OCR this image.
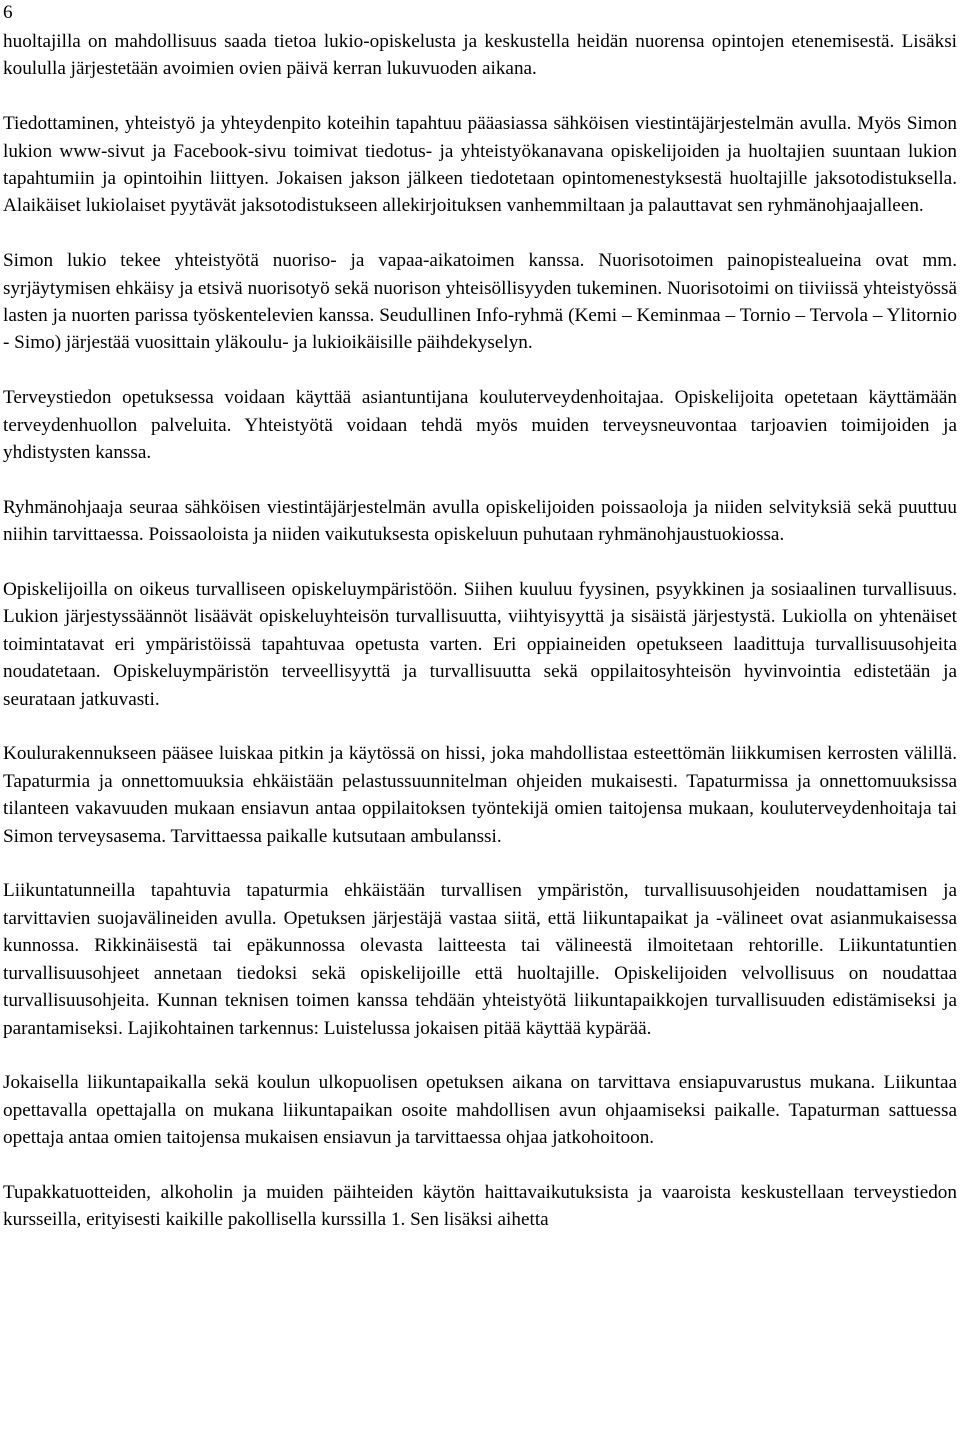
6

huoltajilla on mahdollisuus saada tietoa lukio-opiskelusta ja keskustella heidän nuorensa opintojen etenemisestä. Lisäksi koululla järjestetään avoimien ovien päivä kerran lukuvuoden aikana.

Tiedottaminen, yhteistyö ja yhteydenpito koteihin tapahtuu pääasiassa sähköisen viestintäjärjestelmän avulla. Myös Simon lukion www-sivut ja Facebook-sivu toimivat tiedotus- ja yhteistyökanavana opiskelijoiden ja huoltajien suuntaan lukion tapahtumiin ja opintoihin liittyen. Jokaisen jakson jälkeen tiedotetaan opintomenestyksestä huoltajille jaksotodistuksella. Alaikäiset lukiolaiset pyytävät jaksotodistukseen allekirjoituksen vanhemmiltaan ja palauttavat sen ryhmänohjaajalleen.

Simon lukio tekee yhteistyötä nuoriso- ja vapaa-aikatoimen kanssa. Nuorisotoimen painopistealueina ovat mm. syrjäytymisen ehkäisy ja etsivä nuorisotyö sekä nuorison yhteisöllisyyden tukeminen. Nuorisotoimi on tiiviissä yhteistyössä lasten ja nuorten parissa työskentelevien kanssa. Seudullinen Info-ryhmä (Kemi – Keminmaa – Tornio – Tervola – Ylitornio - Simo) järjestää vuosittain yläkoulu- ja lukioikäisille päihdekyselyn.

Terveystiedon opetuksessa voidaan käyttää asiantuntijana kouluterveydenhoitajaa. Opiskelijoita opetetaan käyttämään terveydenhuollon palveluita. Yhteistyötä voidaan tehdä myös muiden terveysneuvontaa tarjoavien toimijoiden ja yhdistysten kanssa.

Ryhmänohjaaja seuraa sähköisen viestintäjärjestelmän avulla opiskelijoiden poissaoloja ja niiden selvityksiä sekä puuttuu niihin tarvittaessa. Poissaoloista ja niiden vaikutuksesta opiskeluun puhutaan ryhmänohjaustuokiossa.

Opiskelijoilla on oikeus turvalliseen opiskeluympäristöön. Siihen kuuluu fyysinen, psyykkinen ja sosiaalinen turvallisuus. Lukion järjestyssäännöt lisäävät opiskeluyhteisön turvallisuutta, viihtyisyyttä ja sisäistä järjestystä. Lukiolla on yhtenäiset toimintatavat eri ympäristöissä tapahtuvaa opetusta varten. Eri oppiaineiden opetukseen laadittuja turvallisuusohjeita noudatetaan. Opiskeluympäristön terveellisyyttä ja turvallisuutta sekä oppilaitosyhteisön hyvinvointia edistetään ja seurataan jatkuvasti.

Koulurakennukseen pääsee luiskaa pitkin ja käytössä on hissi, joka mahdollistaa esteettömän liikkumisen kerrosten välillä. Tapaturmia ja onnettomuuksia ehkäistään pelastussuunnitelman ohjeiden mukaisesti. Tapaturmissa ja onnettomuuksissa tilanteen vakavuuden mukaan ensiavun antaa oppilaitoksen työntekijä omien taitojensa mukaan, kouluterveydenhoitaja tai Simon terveysasema. Tarvittaessa paikalle kutsutaan ambulanssi.

Liikuntatunneilla tapahtuvia tapaturmia ehkäistään turvallisen ympäristön, turvallisuusohjeiden noudattamisen ja tarvittavien suojavälineiden avulla. Opetuksen järjestäjä vastaa siitä, että liikuntapaikat ja -välineet ovat asianmukaisessa kunnossa. Rikkinäisestä tai epäkunnossa olevasta laitteesta tai välineestä ilmoitetaan rehtorille. Liikuntatuntien turvallisuusohjeet annetaan tiedoksi sekä opiskelijoille että huoltajille. Opiskelijoiden velvollisuus on noudattaa turvallisuusohjeita. Kunnan teknisen toimen kanssa tehdään yhteistyötä liikuntapaikkojen turvallisuuden edistämiseksi ja parantamiseksi. Lajikohtainen tarkennus: Luistelussa jokaisen pitää käyttää kypärää.

Jokaisella liikuntapaikalla sekä koulun ulkopuolisen opetuksen aikana on tarvittava ensiapuvarustus mukana. Liikuntaa opettavalla opettajalla on mukana liikuntapaikan osoite mahdollisen avun ohjaamiseksi paikalle. Tapaturman sattuessa opettaja antaa omien taitojensa mukaisen ensiavun ja tarvittaessa ohjaa jatkohoitoon.

Tupakkatuotteiden, alkoholin ja muiden päihteiden käytön haittavaikutuksista ja vaaroista keskustellaan terveystiedon kursseilla, erityisesti kaikille pakollisella kurssilla 1. Sen lisäksi aihetta
